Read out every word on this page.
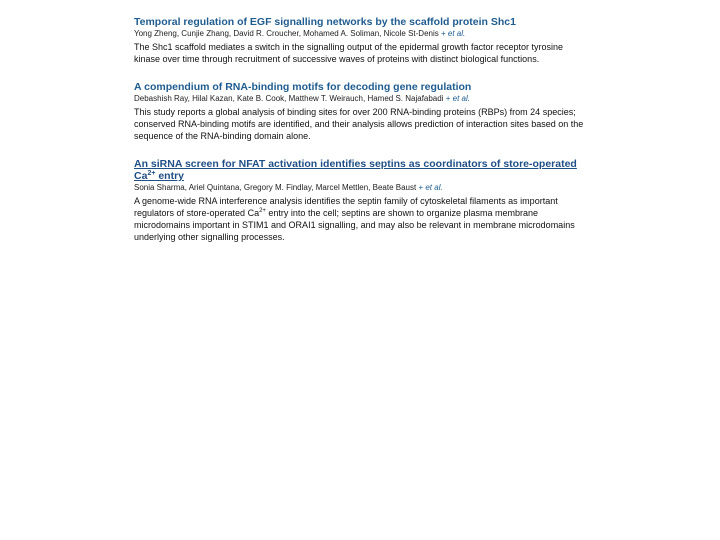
Temporal regulation of EGF signalling networks by the scaffold protein Shc1

Yong Zheng, Cunjie Zhang, David R. Croucher, Mohamed A. Soliman, Nicole St-Denis + et al.

The Shc1 scaffold mediates a switch in the signalling output of the epidermal growth factor receptor tyrosine kinase over time through recruitment of successive waves of proteins with distinct biological functions.

A compendium of RNA-binding motifs for decoding gene regulation

Debashish Ray, Hilal Kazan, Kate B. Cook, Matthew T. Weirauch, Hamed S. Najafabadi + et al.

This study reports a global analysis of binding sites for over 200 RNA-binding proteins (RBPs) from 24 species; conserved RNA-binding motifs are identified, and their analysis allows prediction of interaction sites based on the sequence of the RNA-binding domain alone.

An siRNA screen for NFAT activation identifies septins as coordinators of store-operated $Ca^{2+}$ entry

Sonia Sharma, Ariel Quintana, Gregory M. Findlay, Marcel Mettlen, Beate Baust + et al.

A genome-wide RNA interference analysis identifies the septin family of cytoskeletal filaments as important regulators of store-operated $Ca^{2+}$ entry into the cell; septins are shown to organize plasma membrane microdomains important in STIM1 and ORAI1 signalling, and may also be relevant in membrane microdomains underlying other signalling processes.
